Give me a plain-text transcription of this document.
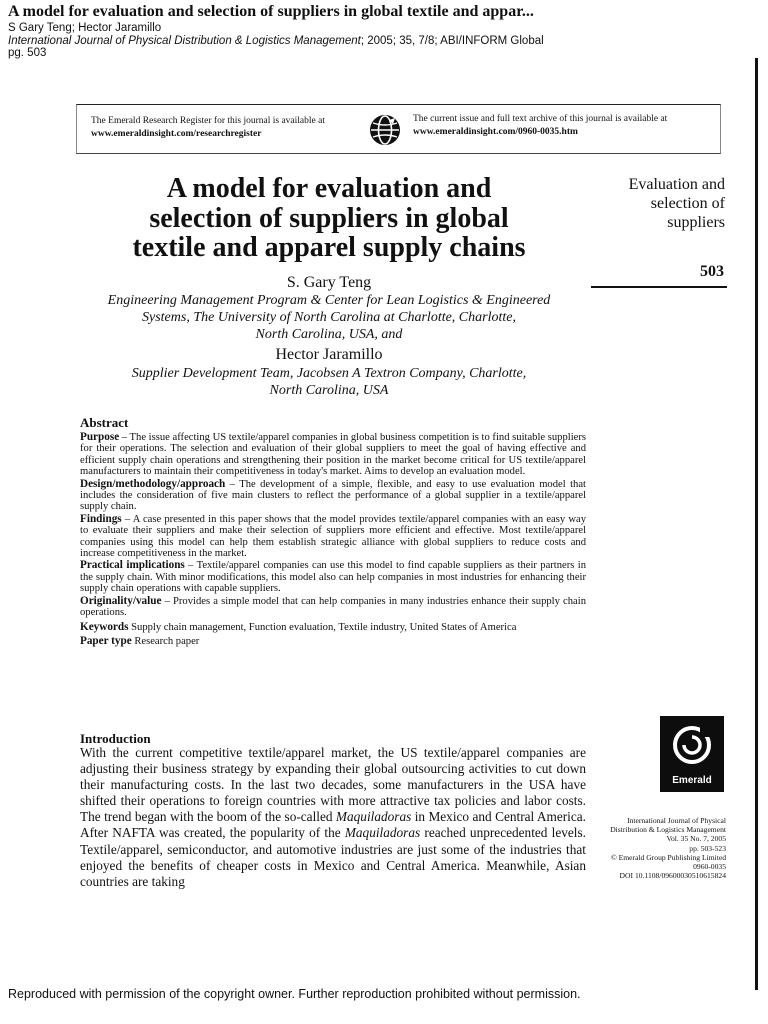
A model for evaluation and selection of suppliers in global textile and appar...
S Gary Teng; Hector Jaramillo
International Journal of Physical Distribution & Logistics Management; 2005; 35, 7/8; ABI/INFORM Global
pg. 503
The Emerald Research Register for this journal is available at
www.emeraldinsight.com/researchregister
The current issue and full text archive of this journal is available at
www.emeraldinsight.com/0960-0035.htm
Evaluation and
selection of
suppliers
503
A model for evaluation and
selection of suppliers in global
textile and apparel supply chains
S. Gary Teng
Engineering Management Program & Center for Lean Logistics & Engineered
Systems, The University of North Carolina at Charlotte, Charlotte,
North Carolina, USA, and
Hector Jaramillo
Supplier Development Team, Jacobsen A Textron Company, Charlotte,
North Carolina, USA
Abstract

Purpose – The issue affecting US textile/apparel companies in global business competition is to find suitable suppliers for their operations. The selection and evaluation of their global suppliers to meet the goal of having effective and efficient supply chain operations and strengthening their position in the market become critical for US textile/apparel manufacturers to maintain their competitiveness in today's market. Aims to develop an evaluation model.

Design/methodology/approach – The development of a simple, flexible, and easy to use evaluation model that includes the consideration of five main clusters to reflect the performance of a global supplier in a textile/apparel supply chain.

Findings – A case presented in this paper shows that the model provides textile/apparel companies with an easy way to evaluate their suppliers and make their selection of suppliers more efficient and effective. Most textile/apparel companies using this model can help them establish strategic alliance with global suppliers to reduce costs and increase competitiveness in the market.

Practical implications – Textile/apparel companies can use this model to find capable suppliers as their partners in the supply chain. With minor modifications, this model also can help companies in most industries for enhancing their supply chain operations with capable suppliers.

Originality/value – Provides a simple model that can help companies in many industries enhance their supply chain operations.

Keywords Supply chain management, Function evaluation, Textile industry, United States of America

Paper type Research paper

Introduction

With the current competitive textile/apparel market, the US textile/apparel companies are adjusting their business strategy by expanding their global outsourcing activities to cut down their manufacturing costs. In the last two decades, some manufacturers in the USA have shifted their operations to foreign countries with more attractive tax policies and labor costs. The trend began with the boom of the so-called Maquiladoras in Mexico and Central America. After NAFTA was created, the popularity of the Maquiladoras reached unprecedented levels. Textile/apparel, semiconductor, and automotive industries are just some of the industries that enjoyed the benefits of cheaper costs in Mexico and Central America. Meanwhile, Asian countries are taking

Emerald
International Journal of Physical
Distribution & Logistics Management
Vol. 35 No. 7, 2005
pp. 503-523
© Emerald Group Publishing Limited
0960-0035
DOI 10.1108/09600030510615824
Reproduced with permission of the copyright owner. Further reproduction prohibited without permission.
